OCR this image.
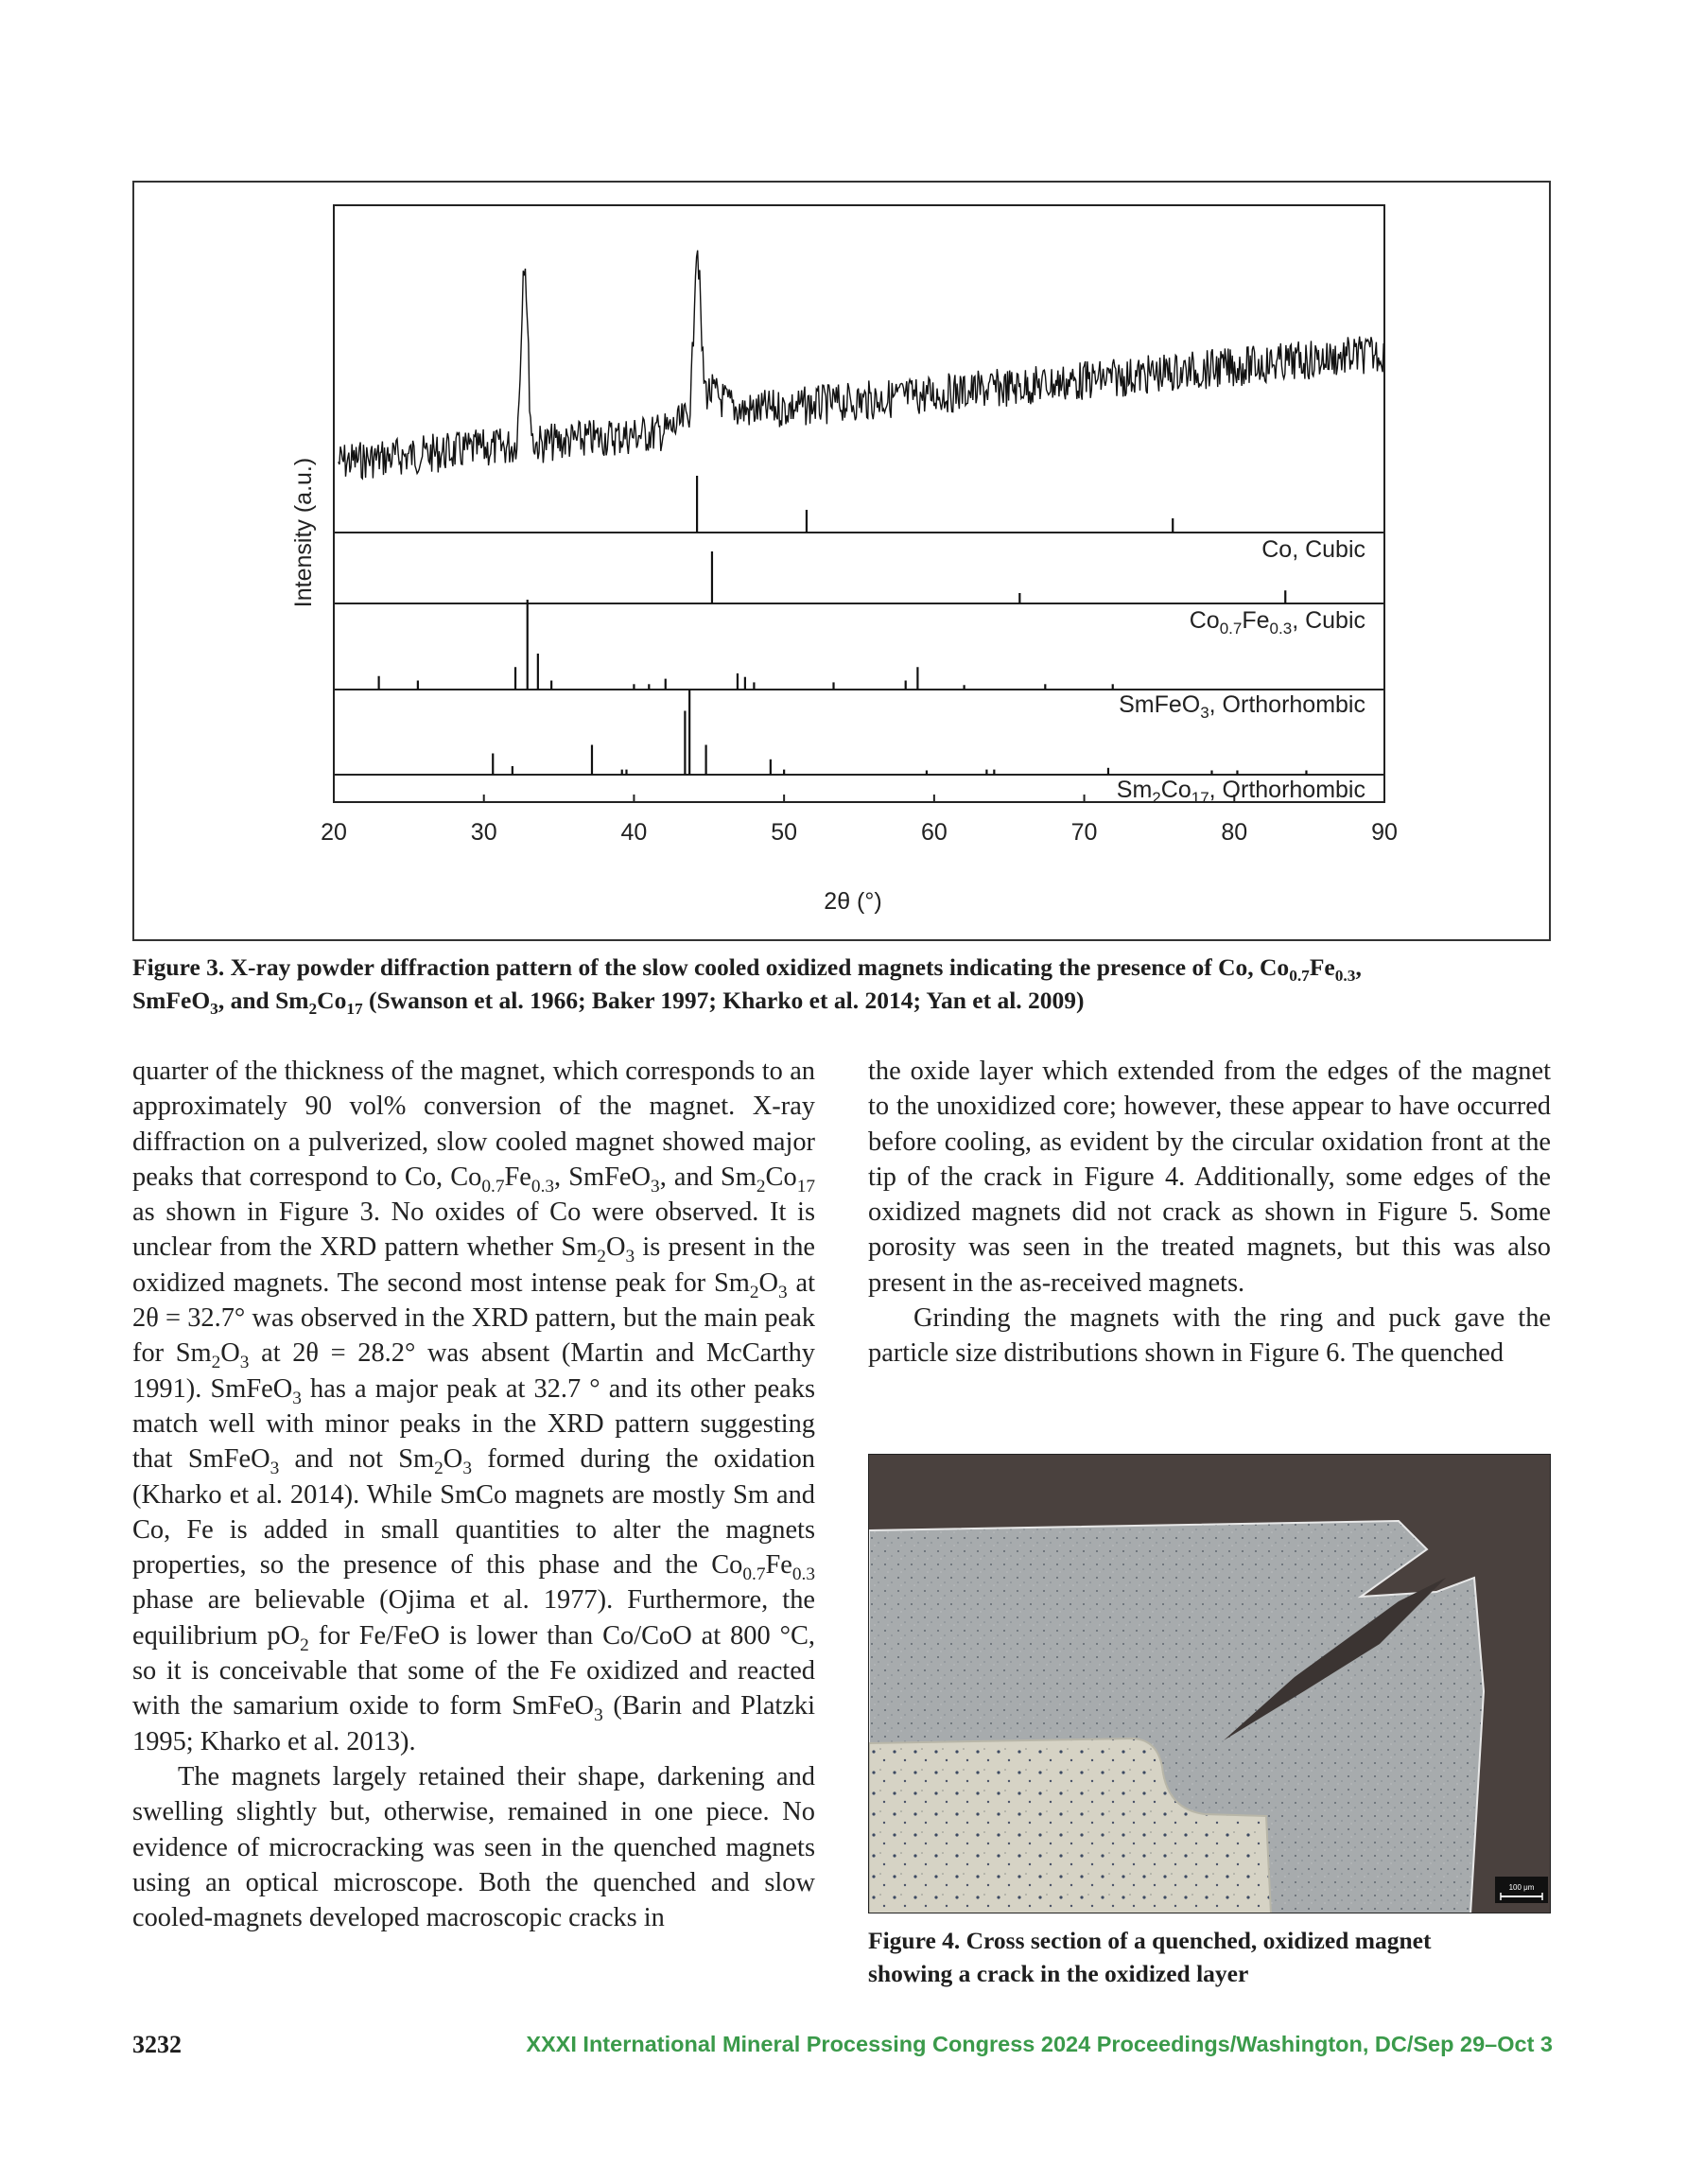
20	30	40	50	60	70	80	90
Intensity (a.u.)
2θ (°)
Co, Cubic
$Co_{0.7}Fe_{0.3}$, Cubic
SmFeO$_3$, Orthorhombic
$Sm_2Co_{17}$, Orthorhombic
Figure 3. X-ray powder diffraction pattern of the slow cooled oxidized magnets indicating the presence of Co, $Co_{0.7}Fe_{0.3}$,
SmFeO$_3$, and $Sm_2Co_{17}$ (Swanson et al. 1966; Baker 1997; Kharko et al. 2014; Yan et al. 2009)

quarter of the thickness of the magnet, which corresponds to an approximately 90 vol% conversion of the magnet. X-ray diffraction on a pulverized, slow cooled magnet showed major peaks that correspond to Co, $Co_{0.7}Fe_{0.3}$, SmFeO$_3$, and $Sm_2Co_{17}$ as shown in Figure 3. No oxides of Co were observed. It is unclear from the XRD pattern whether $Sm_2O_3$ is present in the oxidized magnets. The second most intense peak for $Sm_2O_3$ at 2θ = 32.7° was observed in the XRD pattern, but the main peak for $Sm_2O_3$ at 2θ = 28.2° was absent (Martin and McCarthy 1991). SmFeO$_3$ has a major peak at 32.7 ° and its other peaks match well with minor peaks in the XRD pattern suggesting that SmFeO$_3$ and not $Sm_2O_3$ formed during the oxidation (Kharko et al. 2014). While SmCo magnets are mostly Sm and Co, Fe is added in small quantities to alter the magnets properties, so the presence of this phase and the $Co_{0.7}Fe_{0.3}$ phase are believable (Ojima et al. 1977). Furthermore, the equilibrium $pO_2$ for Fe/FeO is lower than Co/CoO at 800 °C, so it is conceivable that some of the Fe oxidized and reacted with the samarium oxide to form SmFeO$_3$ (Barin and Platzki 1995; Kharko et al. 2013).

The magnets largely retained their shape, darkening and swelling slightly but, otherwise, remained in one piece. No evidence of microcracking was seen in the quenched magnets using an optical microscope. Both the quenched and slow cooled-magnets developed macroscopic cracks in

the oxide layer which extended from the edges of the magnet to the unoxidized core; however, these appear to have occurred before cooling, as evident by the circular oxidation front at the tip of the crack in Figure 4. Additionally, some edges of the oxidized magnets did not crack as shown in Figure 5. Some porosity was seen in the treated magnets, but this was also present in the as-received magnets.

Grinding the magnets with the ring and puck gave the particle size distributions shown in Figure 6. The quenched

100 μm
Figure 4. Cross section of a quenched, oxidized magnet
showing a crack in the oxidized layer
3232	XXXI International Mineral Processing Congress 2024 Proceedings/Washington, DC/Sep 29–Oct 3
